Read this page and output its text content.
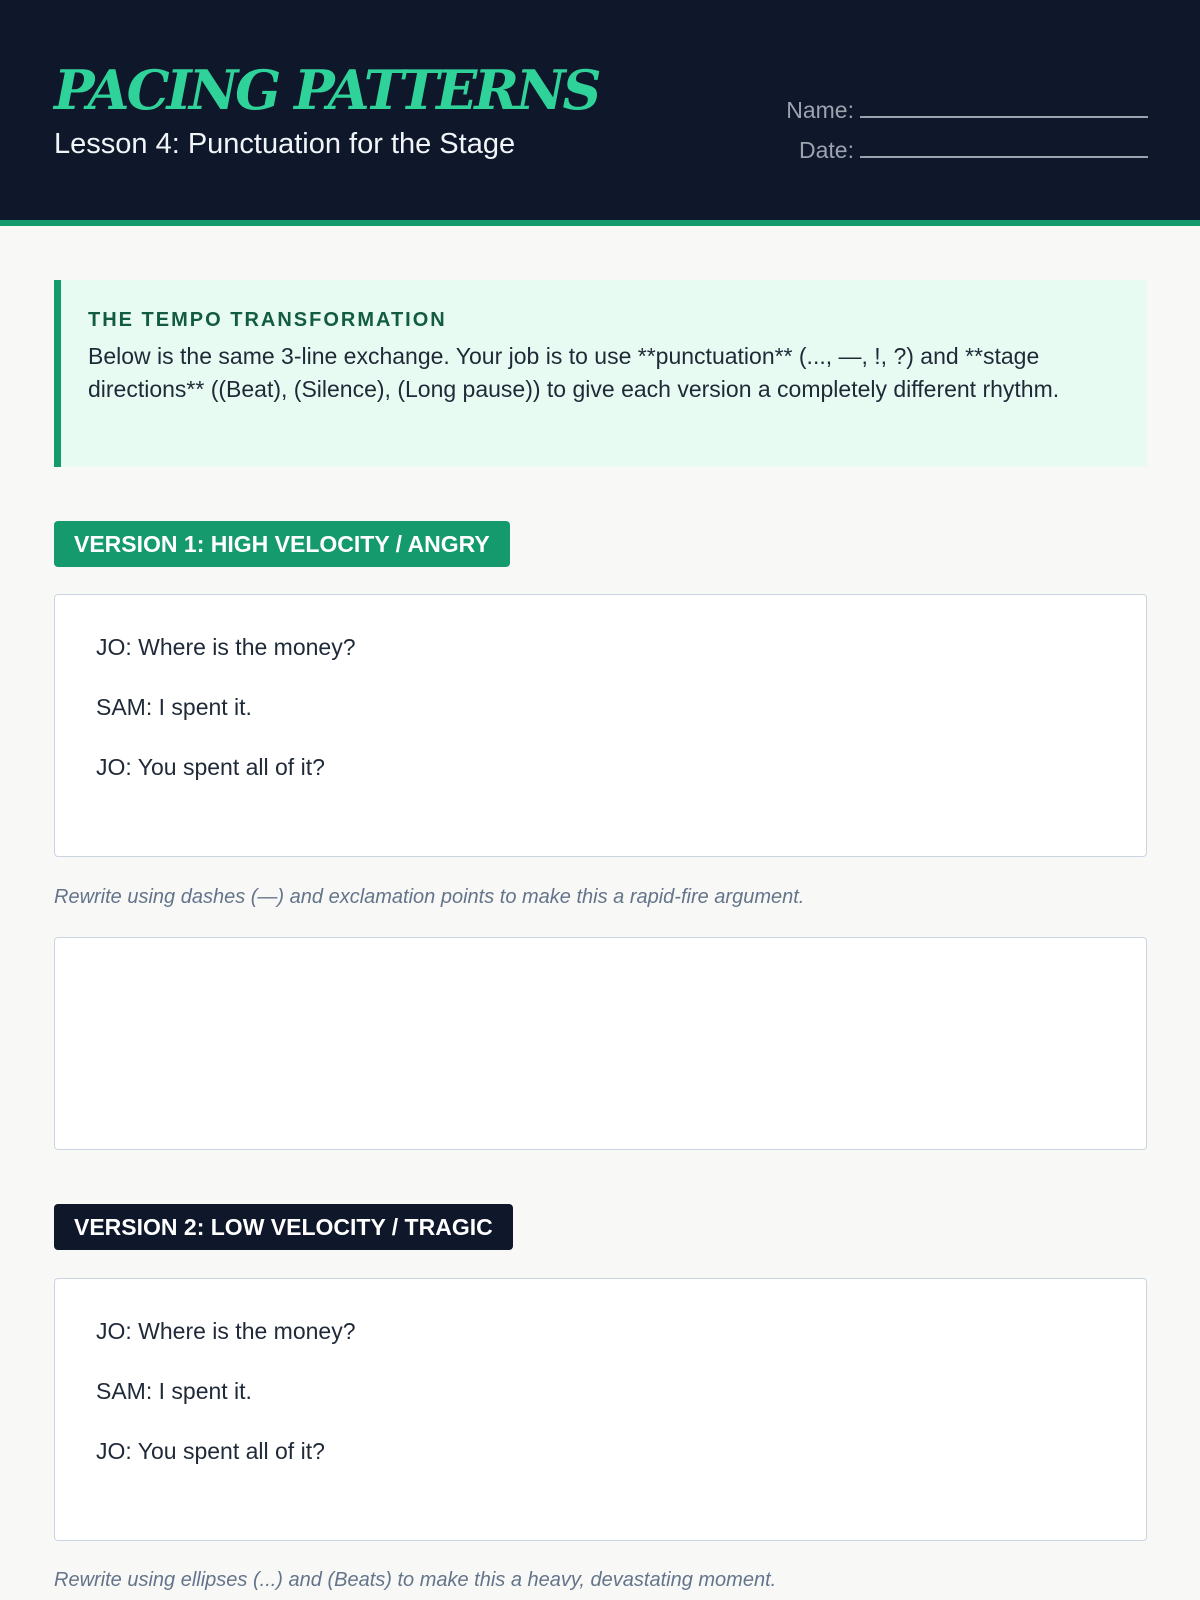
PACING PATTERNS
Lesson 4: Punctuation for the Stage
Name:
Date:
THE TEMPO TRANSFORMATION
Below is the same 3-line exchange. Your job is to use **punctuation** (..., —, !, ?) and **stage directions** ((Beat), (Silence), (Long pause)) to give each version a completely different rhythm.
VERSION 1: HIGH VELOCITY / ANGRY
JO: Where is the money?
SAM: I spent it.
JO: You spent all of it?
Rewrite using dashes (—) and exclamation points to make this a rapid-fire argument.
VERSION 2: LOW VELOCITY / TRAGIC
JO: Where is the money?
SAM: I spent it.
JO: You spent all of it?
Rewrite using ellipses (...) and (Beats) to make this a heavy, devastating moment.
